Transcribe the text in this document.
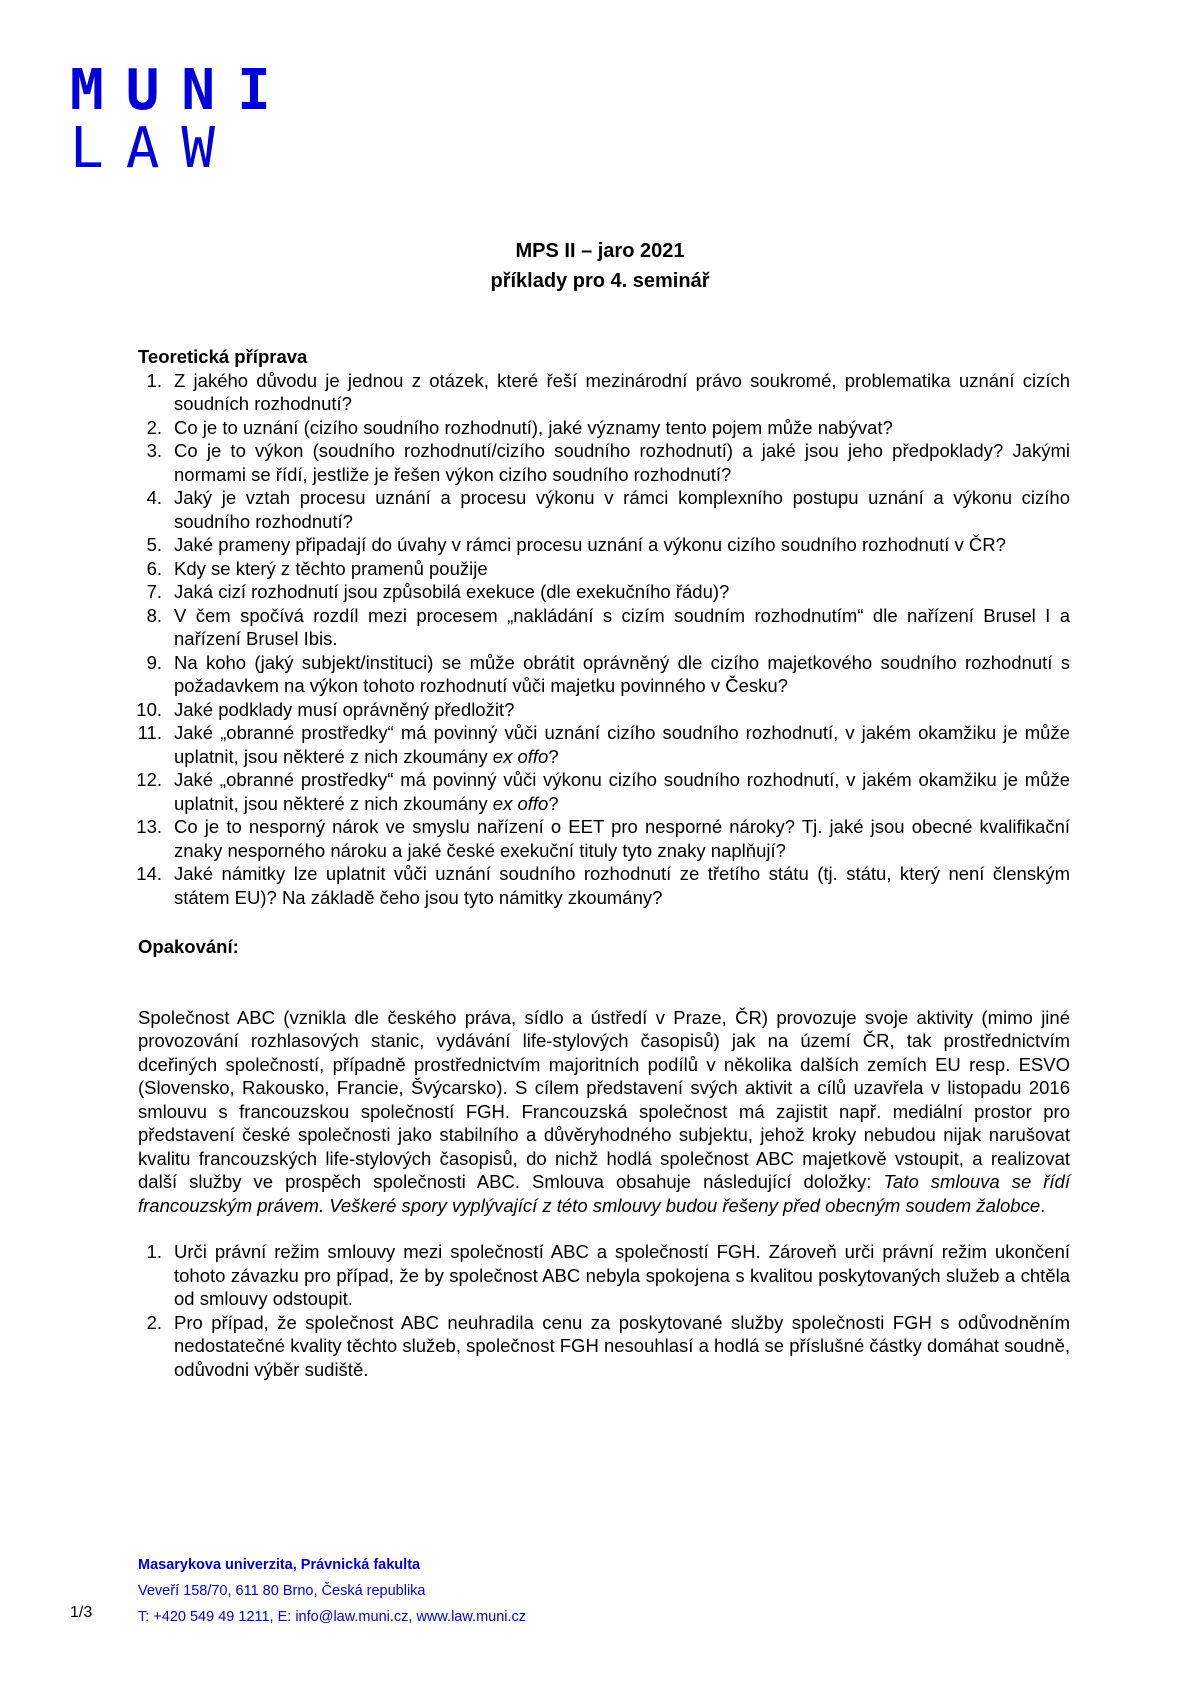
MUNI
LAW
MPS II – jaro 2021
příklady pro 4. seminář
Teoretická příprava
1. Z jakého důvodu je jednou z otázek, které řeší mezinárodní právo soukromé, problematika uznání cizích soudních rozhodnutí?
2. Co je to uznání (cizího soudního rozhodnutí), jaké významy tento pojem může nabývat?
3. Co je to výkon (soudního rozhodnutí/cizího soudního rozhodnutí) a jaké jsou jeho předpoklady? Jakými normami se řídí, jestliže je řešen výkon cizího soudního rozhodnutí?
4. Jaký je vztah procesu uznání a procesu výkonu v rámci komplexního postupu uznání a výkonu cizího soudního rozhodnutí?
5. Jaké prameny připadají do úvahy v rámci procesu uznání a výkonu cizího soudního rozhodnutí v ČR?
6. Kdy se který z těchto pramenů použije
7. Jaká cizí rozhodnutí jsou způsobilá exekuce (dle exekučního řádu)?
8. V čem spočívá rozdíl mezi procesem „nakládání s cizím soudním rozhodnutím“ dle nařízení Brusel I a nařízení Brusel Ibis.
9. Na koho (jaký subjekt/instituci) se může obrátit oprávněný dle cizího majetkového soudního rozhodnutí s požadavkem na výkon tohoto rozhodnutí vůči majetku povinného v Česku?
10. Jaké podklady musí oprávněný předložit?
11. Jaké „obranné prostředky“ má povinný vůči uznání cizího soudního rozhodnutí, v jakém okamžiku je může uplatnit, jsou některé z nich zkoumány ex offo?
12. Jaké „obranné prostředky“ má povinný vůči výkonu cizího soudního rozhodnutí, v jakém okamžiku je může uplatnit, jsou některé z nich zkoumány ex offo?
13. Co je to nesporný nárok ve smyslu nařízení o EET pro nesporné nároky? Tj. jaké jsou obecné kvalifikační znaky nesporného nároku a jaké české exekuční tituly tyto znaky naplňují?
14. Jaké námitky lze uplatnit vůči uznání soudního rozhodnutí ze třetího státu (tj. státu, který není členským státem EU)? Na základě čeho jsou tyto námitky zkoumány?
Opakování:
Společnost ABC (vznikla dle českého práva, sídlo a ústředí v Praze, ČR) provozuje svoje aktivity (mimo jiné provozování rozhlasových stanic, vydávání life-stylových časopisů) jak na území ČR, tak prostřednictvím dceřiných společností, případně prostřednictvím majoritních podílů v několika dalších zemích EU resp. ESVO (Slovensko, Rakousko, Francie, Švýcarsko). S cílem představení svých aktivit a cílů uzavřela v listopadu 2016 smlouvu s francouzskou společností FGH. Francouzská společnost má zajistit např. mediální prostor pro představení české společnosti jako stabilního a důvěryhodného subjektu, jehož kroky nebudou nijak narušovat kvalitu francouzských life-stylových časopisů, do nichž hodlá společnost ABC majetkově vstoupit, a realizovat další služby ve prospěch společnosti ABC. Smlouva obsahuje následující doložky: Tato smlouva se řídí francouzským právem. Veškeré spory vyplývající z této smlouvy budou řešeny před obecným soudem žalobce.
1. Urči právní režim smlouvy mezi společností ABC a společností FGH. Zároveň urči právní režim ukončení tohoto závazku pro případ, že by společnost ABC nebyla spokojena s kvalitou poskytovaných služeb a chtěla od smlouvy odstoupit.
2. Pro případ, že společnost ABC neuhradila cenu za poskytované služby společnosti FGH s odůvodněním nedostatečné kvality těchto služeb, společnost FGH nesouhlasí a hodlá se příslušné částky domáhat soudně, odůvodni výběr sudiště.
Masarykova univerzita, Právnická fakulta
Veveří 158/70, 611 80 Brno, Česká republika
T: +420 549 49 1211, E: info@law.muni.cz, www.law.muni.cz
1/3
